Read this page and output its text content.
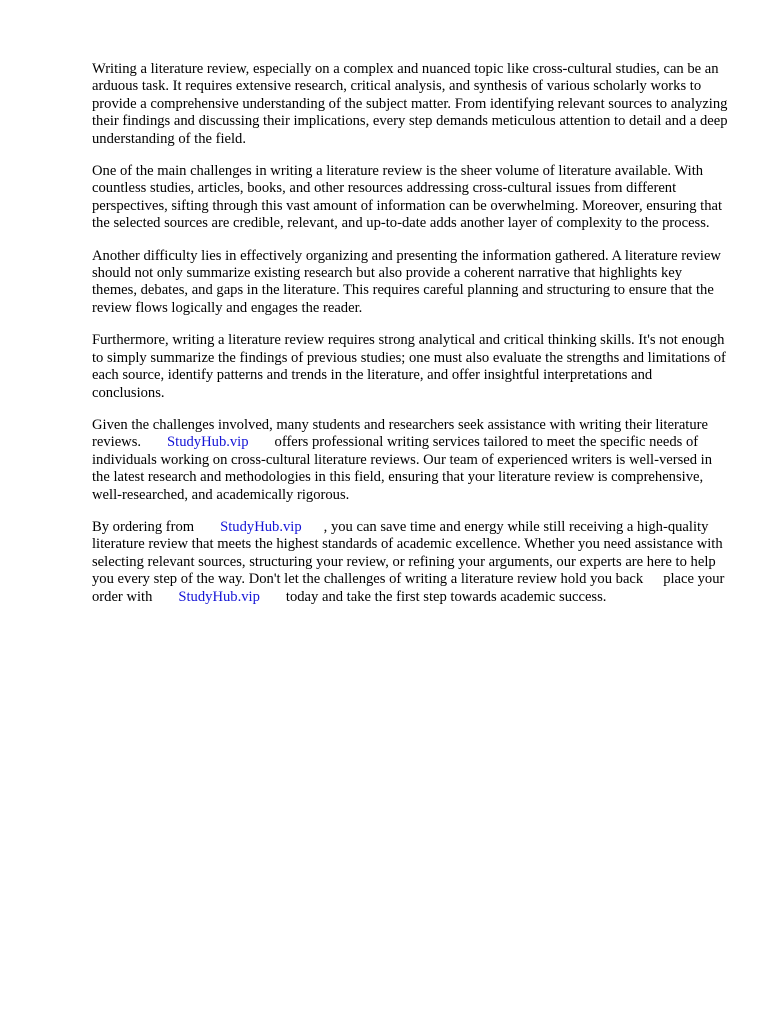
Writing a literature review, especially on a complex and nuanced topic like cross-cultural studies, can be an arduous task. It requires extensive research, critical analysis, and synthesis of various scholarly works to provide a comprehensive understanding of the subject matter. From identifying relevant sources to analyzing their findings and discussing their implications, every step demands meticulous attention to detail and a deep understanding of the field.

One of the main challenges in writing a literature review is the sheer volume of literature available. With countless studies, articles, books, and other resources addressing cross-cultural issues from different perspectives, sifting through this vast amount of information can be overwhelming. Moreover, ensuring that the selected sources are credible, relevant, and up-to-date adds another layer of complexity to the process.

Another difficulty lies in effectively organizing and presenting the information gathered. A literature review should not only summarize existing research but also provide a coherent narrative that highlights key themes, debates, and gaps in the literature. This requires careful planning and structuring to ensure that the review flows logically and engages the reader.

Furthermore, writing a literature review requires strong analytical and critical thinking skills. It's not enough to simply summarize the findings of previous studies; one must also evaluate the strengths and limitations of each source, identify patterns and trends in the literature, and offer insightful interpretations and conclusions.

Given the challenges involved, many students and researchers seek assistance with writing their literature reviews. StudyHub.vip offers professional writing services tailored to meet the specific needs of individuals working on cross-cultural literature reviews. Our team of experienced writers is well-versed in the latest research and methodologies in this field, ensuring that your literature review is comprehensive, well-researched, and academically rigorous.

By ordering from StudyHub.vip , you can save time and energy while still receiving a high-quality literature review that meets the highest standards of academic excellence. Whether you need assistance with selecting relevant sources, structuring your review, or refining your arguments, our experts are here to help you every step of the way. Don't let the challenges of writing a literature review hold you back place your order with StudyHub.vip today and take the first step towards academic success.
